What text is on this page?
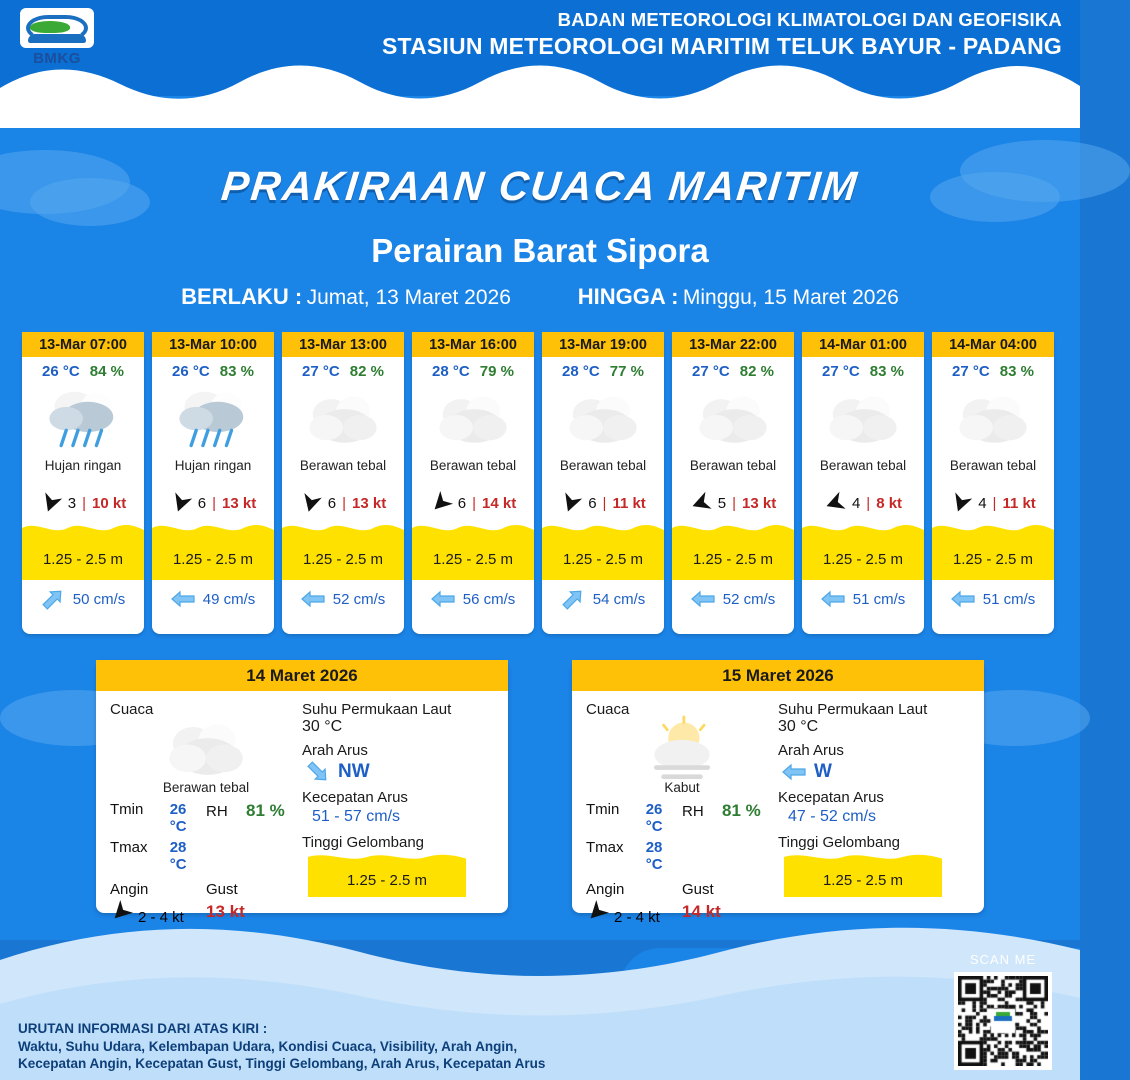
BMKG
BADAN METEOROLOGI KLIMATOLOGI DAN GEOFISIKA
STASIUN METEOROLOGI MARITIM TELUK BAYUR - PADANG
PRAKIRAAN CUACA MARITIM
Perairan Barat Sipora
BERLAKU : Jumat, 13 Maret 2026	HINGGA : Minggu, 15 Maret 2026
13-Mar 07:00
26 °C 84 %
Hujan ringan
3 | 10 kt
1.25 - 2.5 m
50 cm/s
13-Mar 10:00
26 °C 83 %
Hujan ringan
6 | 13 kt
1.25 - 2.5 m
49 cm/s
13-Mar 13:00
27 °C 82 %
Berawan tebal
6 | 13 kt
1.25 - 2.5 m
52 cm/s
13-Mar 16:00
28 °C 79 %
Berawan tebal
6 | 14 kt
1.25 - 2.5 m
56 cm/s
13-Mar 19:00
28 °C 77 %
Berawan tebal
6 | 11 kt
1.25 - 2.5 m
54 cm/s
13-Mar 22:00
27 °C 82 %
Berawan tebal
5 | 13 kt
1.25 - 2.5 m
52 cm/s
14-Mar 01:00
27 °C 83 %
Berawan tebal
4 | 8 kt
1.25 - 2.5 m
51 cm/s
14-Mar 04:00
27 °C 83 %
Berawan tebal
4 | 11 kt
1.25 - 2.5 m
51 cm/s
14 Maret 2026
Cuaca
Berawan tebal
Tmin	26 °C
Tmax	28 °C
RH	81 %
Angin	Gust
2 - 4 kt 13 kt
Suhu Permukaan Laut
30 °C
Arah Arus
NW
Kecepatan Arus
51 - 57 cm/s
Tinggi Gelombang
1.25 - 2.5 m
15 Maret 2026
Cuaca
Kabut
Tmin	26 °C
Tmax	28 °C
RH	81 %
Angin	Gust
2 - 4 kt 14 kt
Suhu Permukaan Laut
30 °C
Arah Arus
W
Kecepatan Arus
47 - 52 cm/s
Tinggi Gelombang
1.25 - 2.5 m
URUTAN INFORMASI DARI ATAS KIRI :
Waktu, Suhu Udara, Kelembapan Udara, Kondisi Cuaca, Visibility, Arah Angin,
Kecepatan Angin, Kecepatan Gust, Tinggi Gelombang, Arah Arus, Kecepatan Arus
SCAN ME
